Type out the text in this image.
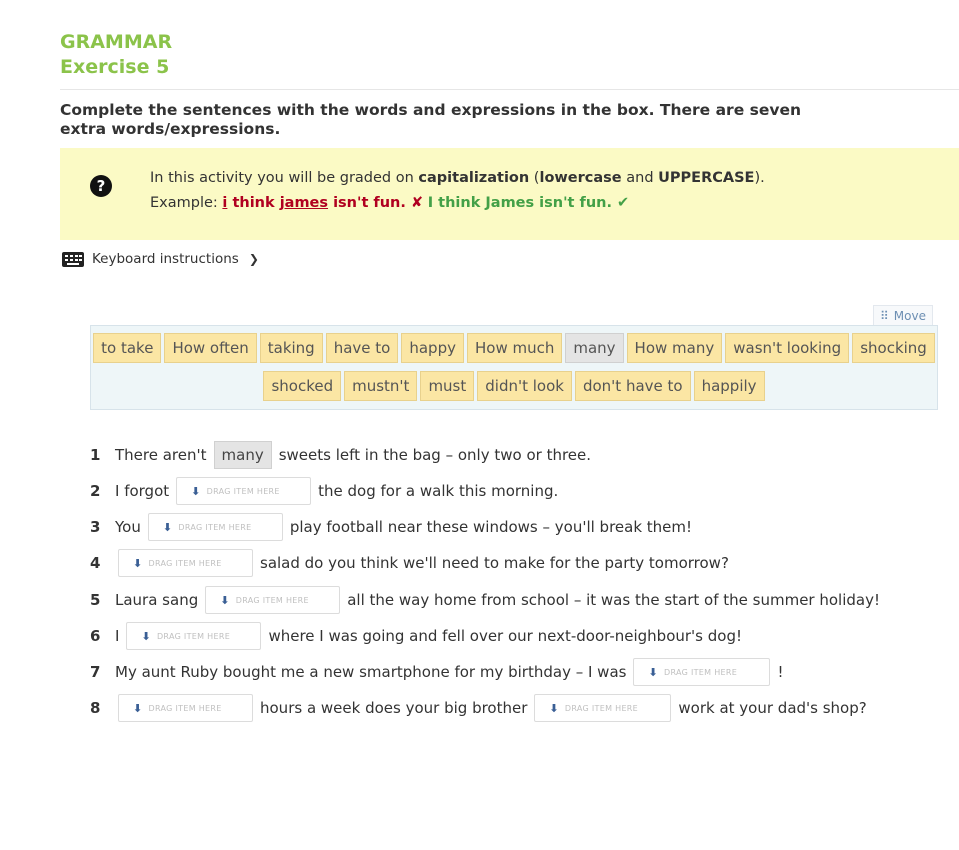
GRAMMAR
Exercise 5
Complete the sentences with the words and expressions in the box. There are seven extra words/expressions.
?	In this activity you will be graded on capitalization (lowercase and UPPERCASE).
Example: i think james isn't fun. ✘ I think James isn't fun. ✔
Keyboard instructions ❯
⠿ Move
to take	How often	taking	have to	happy	How much	many	How many	wasn't looking	shocking
shocked	mustn't	must	didn't look	don't have to	happily
1 There aren't	many	sweets left in the bag – only two or three.
2 I forgot ⬇ DRAG ITEM HERE	the dog for a walk this morning.
3 You ⬇ DRAG ITEM HERE	play football near these windows – you'll break them!
4	⬇ DRAG ITEM HERE	salad do you think we'll need to make for the party tomorrow?
5 Laura sang ⬇ DRAG ITEM HERE	all the way home from school – it was the start of the summer holiday!
6 I ⬇ DRAG ITEM HERE	where I was going and fell over our next-door-neighbour's dog!
7 My aunt Ruby bought me a new smartphone for my birthday – I was ⬇ DRAG ITEM HERE	!
8	⬇ DRAG ITEM HERE	hours a week does your big brother ⬇ DRAG ITEM HERE	work at your dad's shop?
